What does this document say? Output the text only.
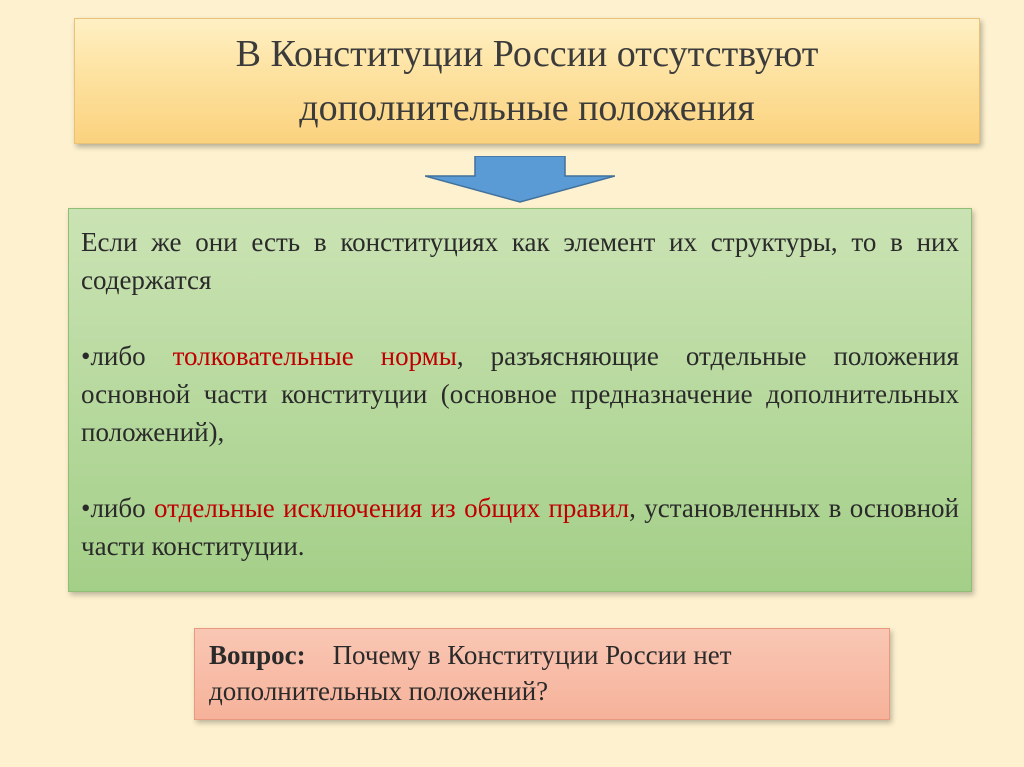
В Конституции России отсутствуют
дополнительные положения

Если же они есть в конституциях как элемент их структуры, то в них содержатся

•либо толковательные нормы, разъясняющие отдельные положения основной части конституции (основное предназначение дополнительных положений),

•либо отдельные исключения из общих правил, установленных в основной части конституции.

Вопрос: Почему в Конституции России нет дополнительных положений?
